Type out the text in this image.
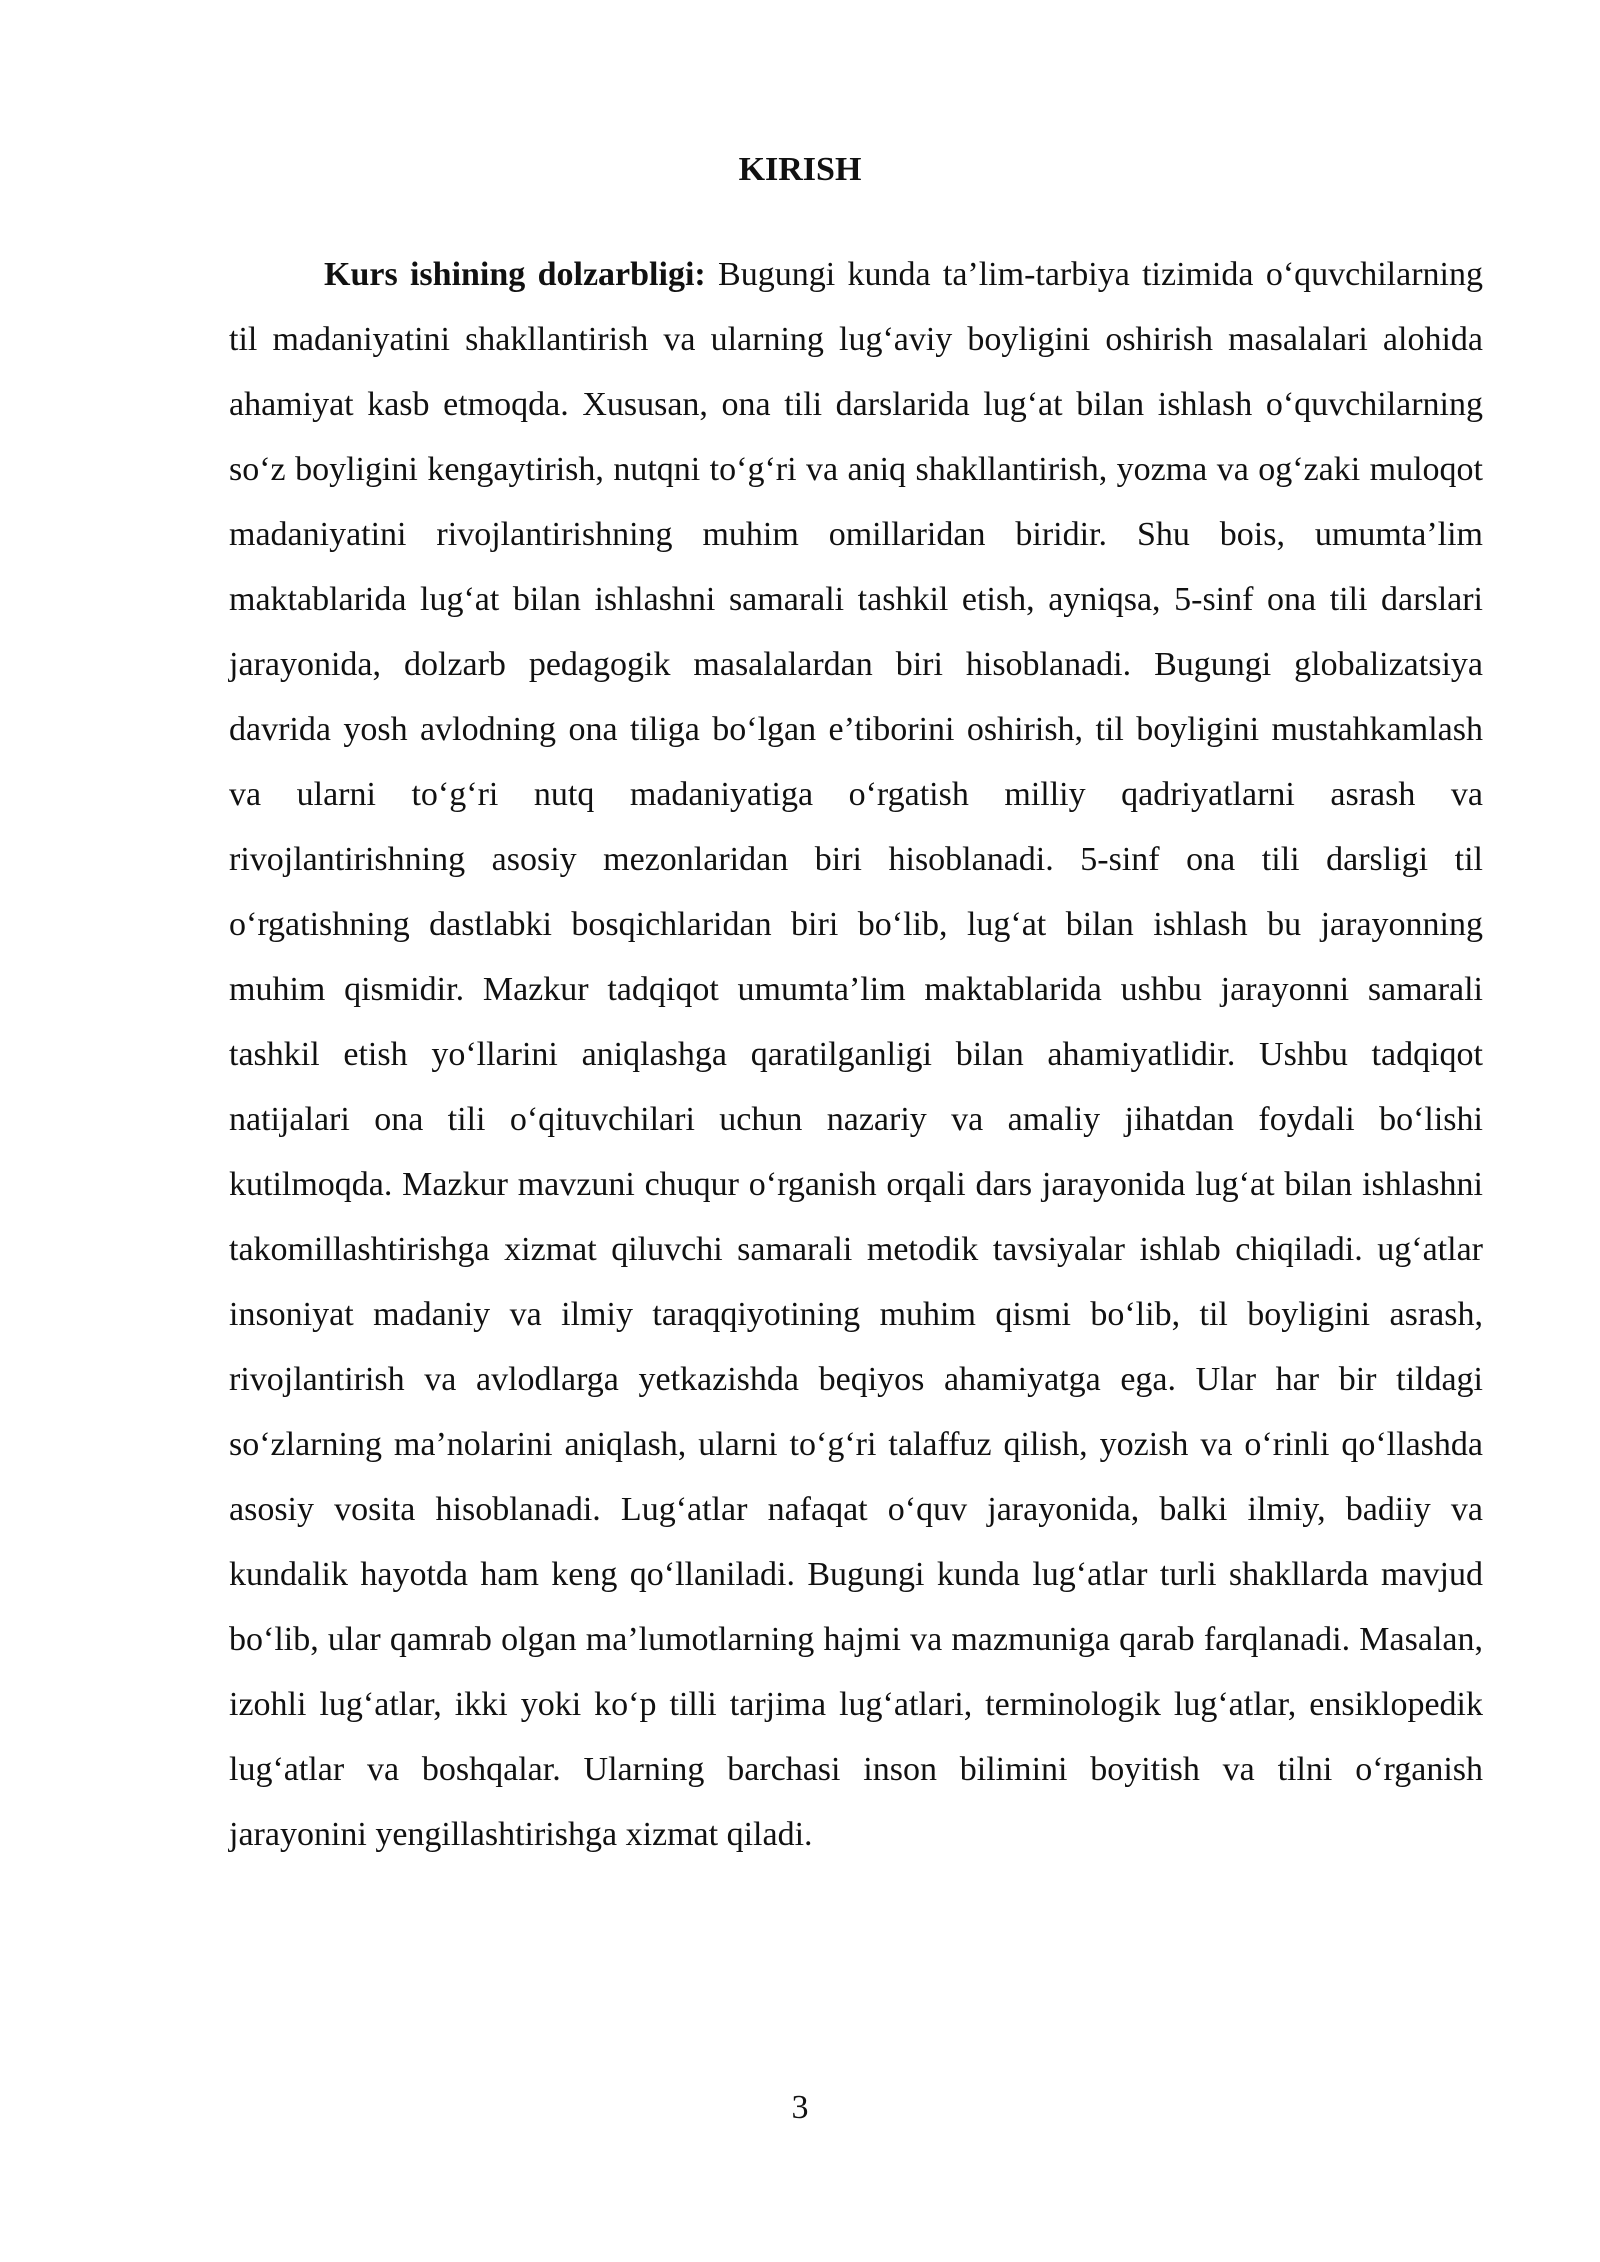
KIRISH

Kurs ishining dolzarbligi: Bugungi kunda ta’lim-tarbiya tizimida o‘quvchilarning til madaniyatini shakllantirish va ularning lug‘aviy boyligini oshirish masalalari alohida ahamiyat kasb etmoqda. Xususan, ona tili darslarida lug‘at bilan ishlash o‘quvchilarning so‘z boyligini kengaytirish, nutqni to‘g‘ri va aniq shakllantirish, yozma va og‘zaki muloqot madaniyatini rivojlantirishning muhim omillaridan biridir. Shu bois, umumta’lim maktablarida lug‘at bilan ishlashni samarali tashkil etish, ayniqsa, 5-sinf ona tili darslari jarayonida, dolzarb pedagogik masalalardan biri hisoblanadi. Bugungi globalizatsiya davrida yosh avlodning ona tiliga bo‘lgan e’tiborini oshirish, til boyligini mustahkamlash va ularni to‘g‘ri nutq madaniyatiga o‘rgatish milliy qadriyatlarni asrash va rivojlantirishning asosiy mezonlaridan biri hisoblanadi. 5-sinf ona tili darsligi til o‘rgatishning dastlabki bosqichlaridan biri bo‘lib, lug‘at bilan ishlash bu jarayonning muhim qismidir. Mazkur tadqiqot umumta’lim maktablarida ushbu jarayonni samarali tashkil etish yo‘llarini aniqlashga qaratilganligi bilan ahamiyatlidir. Ushbu tadqiqot natijalari ona tili o‘qituvchilari uchun nazariy va amaliy jihatdan foydali bo‘lishi kutilmoqda. Mazkur mavzuni chuqur o‘rganish orqali dars jarayonida lug‘at bilan ishlashni takomillashtirishga xizmat qiluvchi samarali metodik tavsiyalar ishlab chiqiladi. ug‘atlar insoniyat madaniy va ilmiy taraqqiyotining muhim qismi bo‘lib, til boyligini asrash, rivojlantirish va avlodlarga yetkazishda beqiyos ahamiyatga ega. Ular har bir tildagi so‘zlarning ma’nolarini aniqlash, ularni to‘g‘ri talaffuz qilish, yozish va o‘rinli qo‘llashda asosiy vosita hisoblanadi. Lug‘atlar nafaqat o‘quv jarayonida, balki ilmiy, badiiy va kundalik hayotda ham keng qo‘llaniladi. Bugungi kunda lug‘atlar turli shakllarda mavjud bo‘lib, ular qamrab olgan ma’lumotlarning hajmi va mazmuniga qarab farqlanadi. Masalan, izohli lug‘atlar, ikki yoki ko‘p tilli tarjima lug‘atlari, terminologik lug‘atlar, ensiklopedik lug‘atlar va boshqalar. Ularning barchasi inson bilimini boyitish va tilni o‘rganish jarayonini yengillashtirishga xizmat qiladi.

3
